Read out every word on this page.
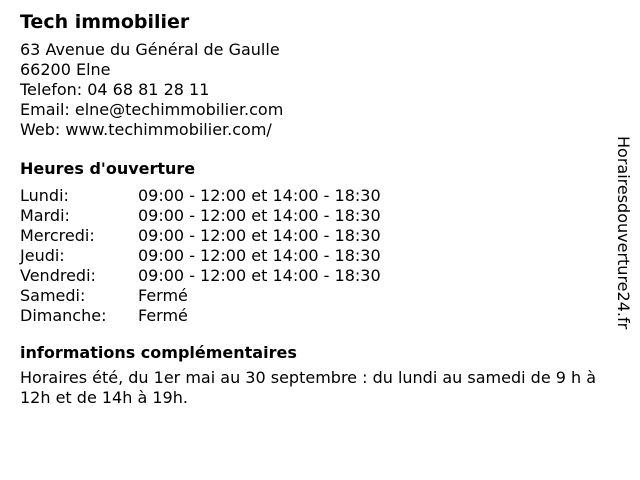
Tech immobilier
63 Avenue du Général de Gaulle
66200 Elne
Telefon: 04 68 81 28 11
Email: elne@techimmobilier.com
Web: www.techimmobilier.com/
Heures d'ouverture
Lundi:	09:00 - 12:00 et 14:00 - 18:30
Mardi:	09:00 - 12:00 et 14:00 - 18:30
Mercredi:	09:00 - 12:00 et 14:00 - 18:30
Jeudi:	09:00 - 12:00 et 14:00 - 18:30
Vendredi:	09:00 - 12:00 et 14:00 - 18:30
Samedi:	Fermé
Dimanche:	Fermé
informations complémentaires
Horaires été, du 1er mai au 30 septembre : du lundi au samedi de 9 h à 12h et de 14h à 19h.
Horairesdouverture24.fr
